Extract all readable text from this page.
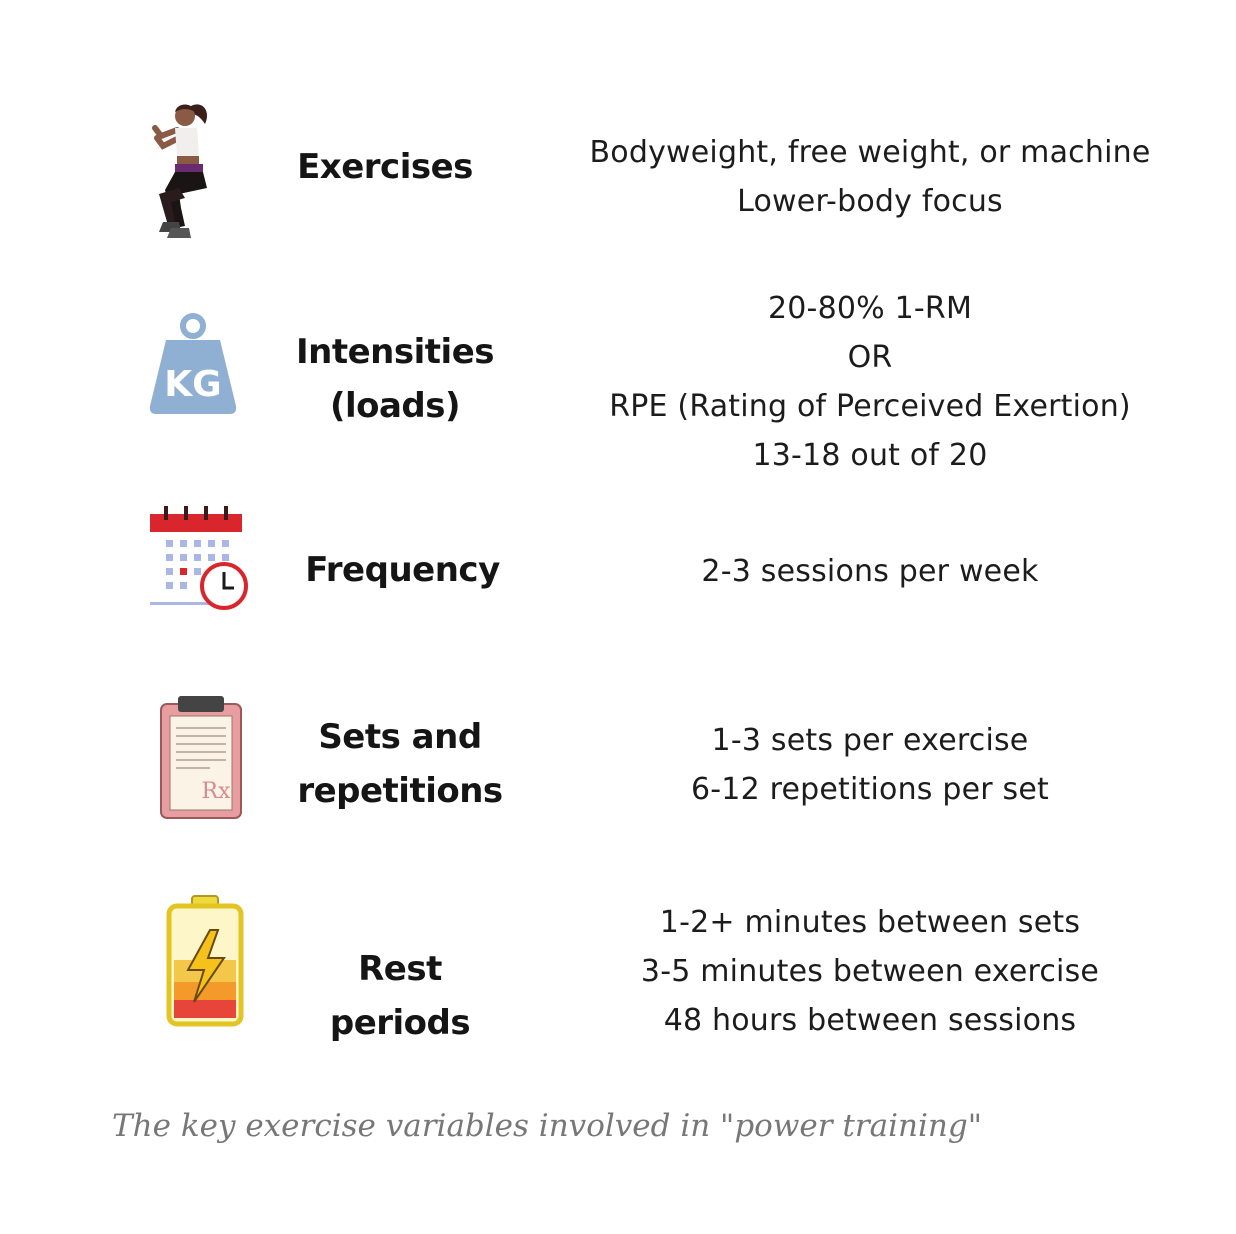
Exercises	Bodyweight, free weight, or machine
Lower-body focus
KG
Intensities
(loads)
20-80% 1-RM
OR
RPE (Rating of Perceived Exertion)
13-18 out of 20
Frequency	2-3 sessions per week
Rx
Sets and
repetitions
1-3 sets per exercise
6-12 repetitions per set
Rest periods
1-2+ minutes between sets
3-5 minutes between exercise
48 hours between sessions
The key exercise variables involved in "power training"
